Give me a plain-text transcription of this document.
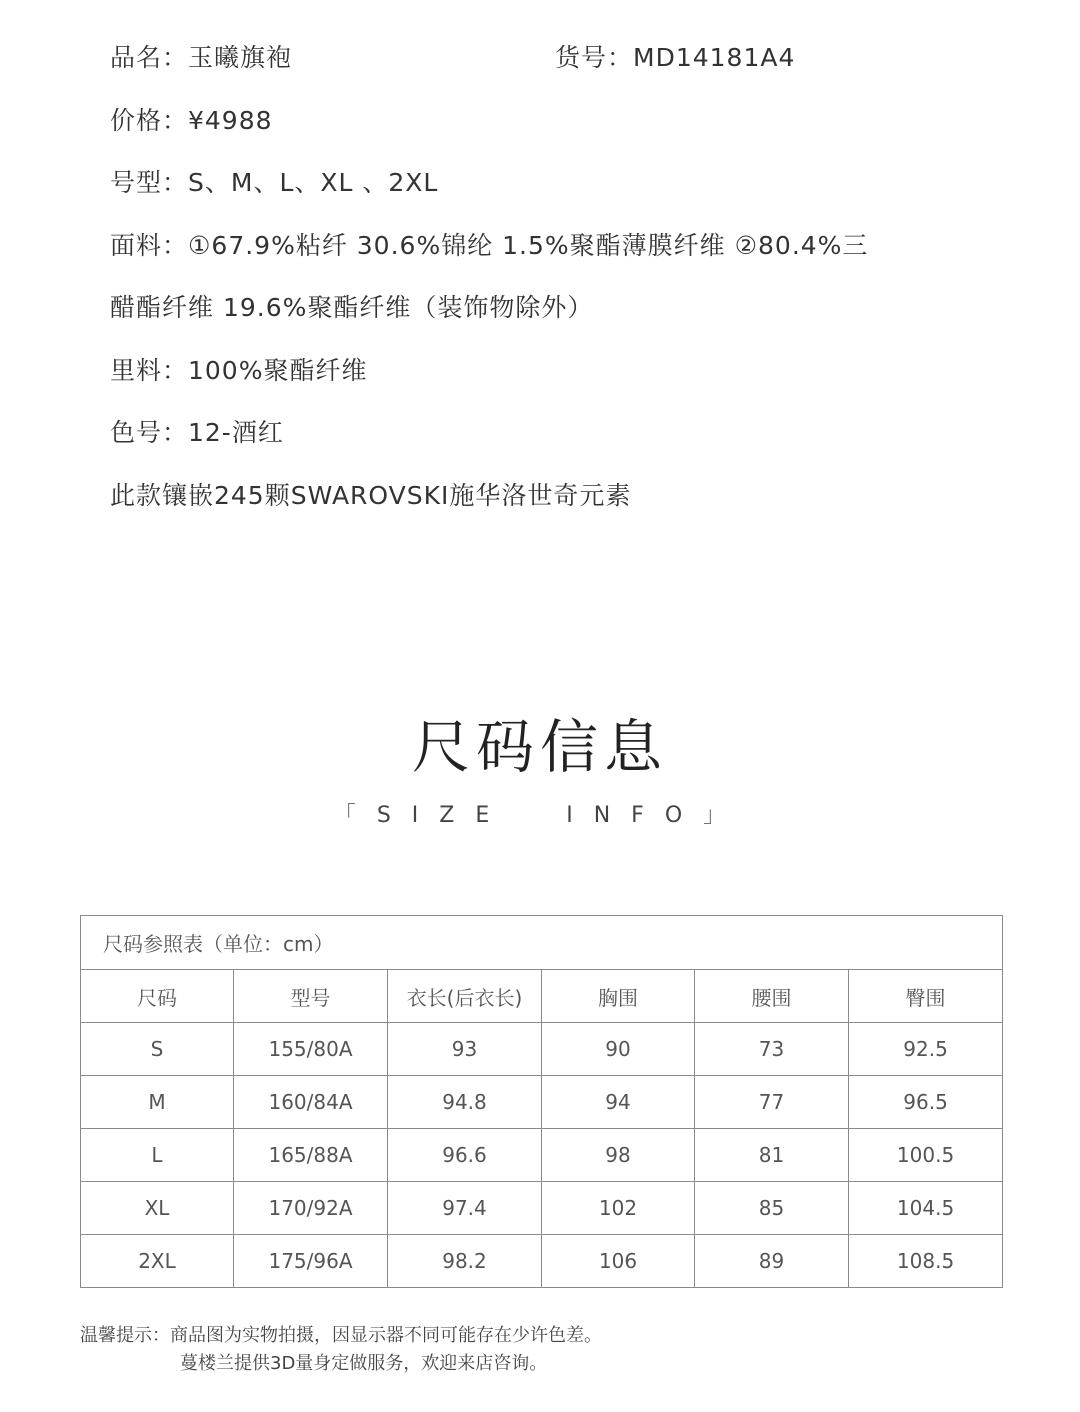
品名：玉曦旗袍	货号：MD14181A4
价格：¥4988
号型：S、M、L、XL 、2XL
面料：①67.9%粘纤 30.6%锦纶 1.5%聚酯薄膜纤维 ②80.4%三
醋酯纤维 19.6%聚酯纤维（装饰物除外）
里料：100%聚酯纤维
色号：12-酒红
此款镶嵌245颗SWAROVSKI施华洛世奇元素
尺码信息
「SIZE  INFO」
尺码参照表（单位：cm）					
尺码	型号	衣长(后衣长)	胸围	腰围	臀围
S	155/80A	93	90	73	92.5
M	160/84A	94.8	94	77	96.5
L	165/88A	96.6	98	81	100.5
XL	170/92A	97.4	102	85	104.5
2XL	175/96A	98.2	106	89	108.5
温馨提示：商品图为实物拍摄，因显示器不同可能存在少许色差。
蔓楼兰提供3D量身定做服务，欢迎来店咨询。
